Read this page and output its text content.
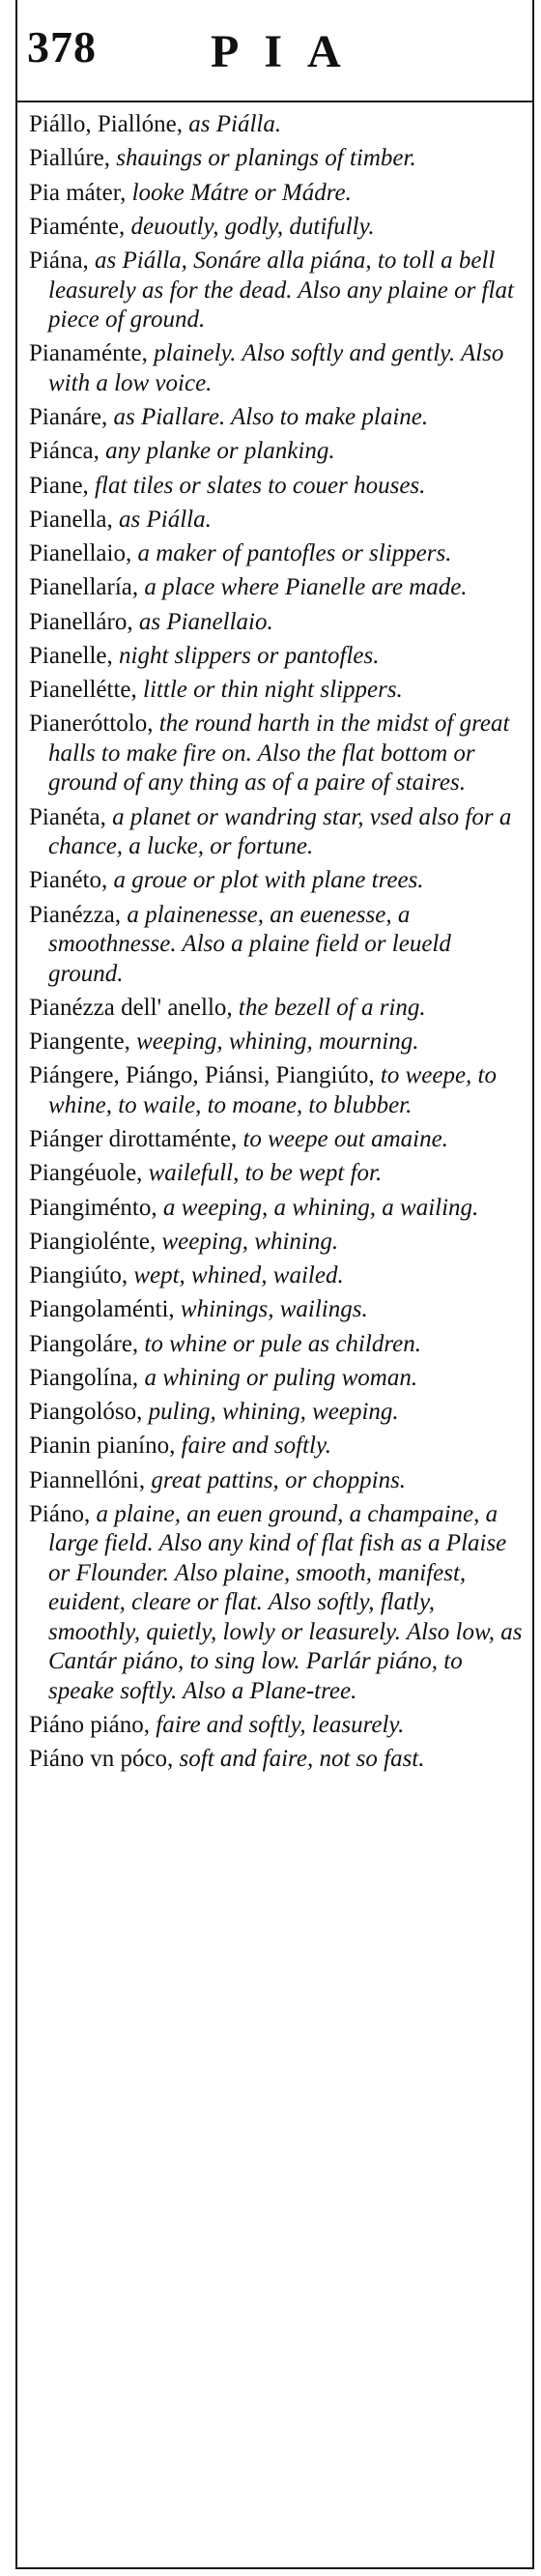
378 PIA
Piállo, Piallóne, as Piálla.
Piallúre, shauings or planings of timber.
Pia máter, looke Mátre or Mádre.
Piaménte, deuoutly, godly, dutifully.
Piána, as Piálla, Sonáre alla piána, to toll a bell leasurely as for the dead. Also any plaine or flat piece of ground.
Pianaménte, plainely. Also softly and gently. Also with a low voice.
Pianáre, as Piallare. Also to make plaine.
Piánca, any planke or planking.
Piane, flat tiles or slates to couer houses.
Pianella, as Piálla.
Pianellaio, a maker of pantofles or slippers.
Pianellaría, a place where Pianelle are made.
Pianelláro, as Pianellaio.
Pianelle, night slippers or pantofles.
Pianellétte, little or thin night slippers.
Pianeróttolo, the round harth in the midst of great halls to make fire on. Also the flat bottom or ground of any thing as of a paire of staires.
Pianéta, a planet or wandring star, vsed also for a chance, a lucke, or fortune.
Pianéto, a groue or plot with plane trees.
Pianézza, a plainenesse, an euenesse, a smoothnesse. Also a plaine field or leueld ground.
Pianézza dell' anello, the bezell of a ring.
Piangente, weeping, whining, mourning.
Piángere, Piángo, Piánsi, Piangiúto, to weepe, to whine, to waile, to moane, to blubber.
Piánger dirottaménte, to weepe out amaine.
Piangéuole, wailefull, to be wept for.
Piangiménto, a weeping, a whining, a wailing.
Piangiolénte, weeping, whining.
Piangiúto, wept, whined, wailed.
Piangolaménti, whinings, wailings.
Piangoláre, to whine or pule as children.
Piangolína, a whining or puling woman.
Piangolóso, puling, whining, weeping.
Pianin pianíno, faire and softly.
Piannellóni, great pattins, or choppins.
Piáno, a plaine, an euen ground, a champaine, a large field. Also any kind of flat fish as a Plaise or Flounder. Also plaine, smooth, manifest, euident, cleare or flat. Also softly, flatly, smoothly, quietly, lowly or leasurely. Also low, as Cantár piáno, to sing low. Parlár piáno, to speake softly. Also a Plane-tree.
Piáno piáno, faire and softly, leasurely.
Piáno vn póco, soft and faire, not so fast.
